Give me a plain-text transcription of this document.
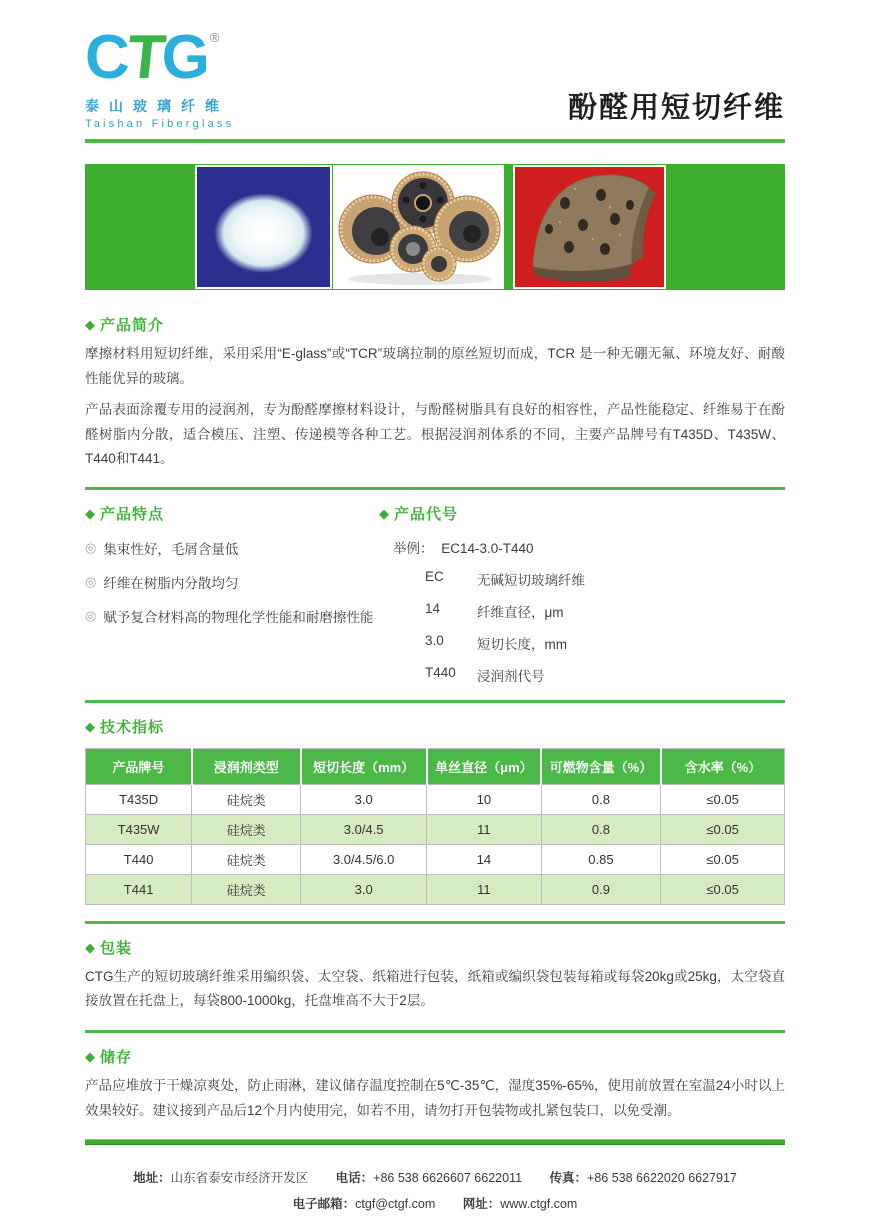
CTG ®
泰山玻璃纤维
Taishan Fiberglass	酚醛用短切纤维
◆ 产品简介

摩擦材料用短切纤维，采用采用“E-glass”或“TCR”玻璃拉制的原丝短切而成，TCR 是一种无硼无氟、环境友好、耐酸性能优异的玻璃。

产品表面涂覆专用的浸润剂，专为酚醛摩擦材料设计，与酚醛树脂具有良好的相容性，产品性能稳定、纤维易于在酚醛树脂内分散，适合模压、注塑、传递模等各种工艺。根据浸润剂体系的不同，主要产品牌号有T435D、T435W、T440和T441。

◆ 产品特点
◎ 集束性好，毛屑含量低
◎ 纤维在树脂内分散均匀
◎ 赋予复合材料高的物理化学性能和耐磨擦性能
◆ 产品代号
举例： EC14-3.0-T440
EC	无碱短切玻璃纤维
14	纤维直径，μm
3.0	短切长度，mm
T440	浸润剂代号
◆ 技术指标
产品牌号	浸润剂类型	短切长度（mm）	单丝直径（μm）	可燃物含量（%）	含水率（%）
T435D	硅烷类	3.0	10	0.8	≤0.05
T435W	硅烷类	3.0/4.5	11	0.8	≤0.05
T440	硅烷类	3.0/4.5/6.0	14	0.85	≤0.05
T441	硅烷类	3.0	11	0.9	≤0.05
◆ 包装

CTG生产的短切玻璃纤维采用编织袋、太空袋、纸箱进行包装，纸箱或编织袋包装每箱或每袋20kg或25kg，太空袋直接放置在托盘上，每袋800-1000kg，托盘堆高不大于2层。

◆ 储存

产品应堆放于干燥凉爽处，防止雨淋，建议储存温度控制在5℃-35℃，湿度35%-65%，使用前放置在室温24小时以上效果较好。建议接到产品后12个月内使用完，如若不用，请勿打开包装物或扎紧包装口，以免受潮。

地址：山东省泰安市经济开发区 电话：+86 538 6626607 6622011 传真：+86 538 6622020 6627917
电子邮箱：ctgf@ctgf.com 网址：www.ctgf.com
